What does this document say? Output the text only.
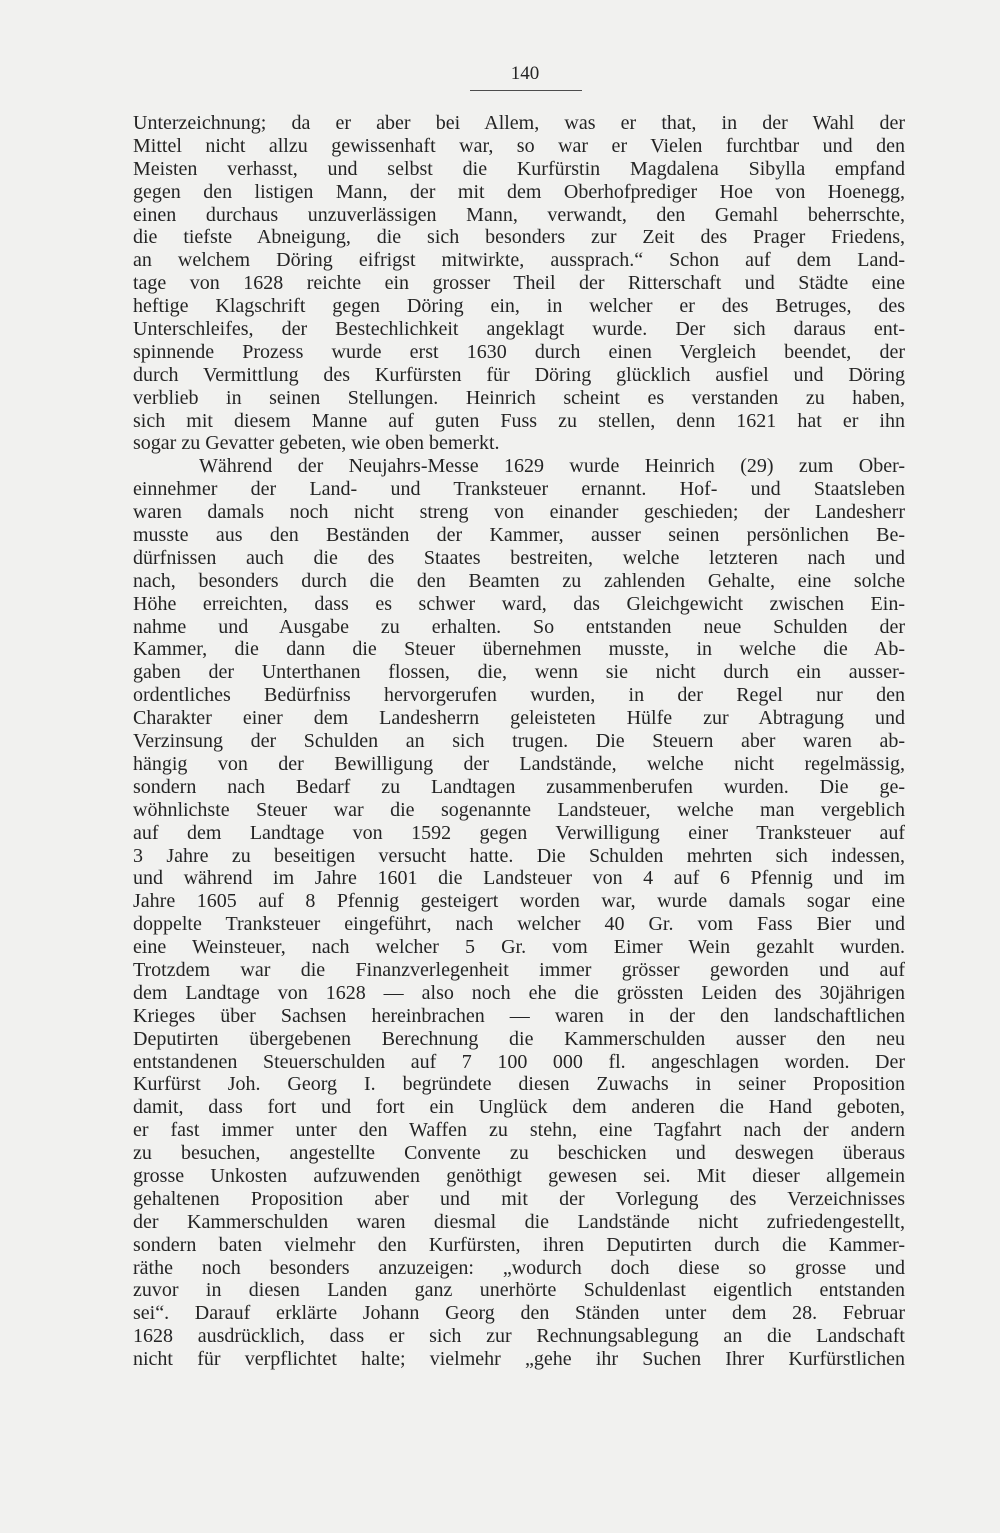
140
Unterzeichnung; da er aber bei Allem, was er that, in der Wahl der
Mittel nicht allzu gewissenhaft war, so war er Vielen furchtbar und den
Meisten verhasst, und selbst die Kurfürstin Magdalena Sibylla empfand
gegen den listigen Mann, der mit dem Oberhofprediger Hoe von Hoenegg,
einen durchaus unzuverlässigen Mann, verwandt, den Gemahl beherrschte,
die tiefste Abneigung, die sich besonders zur Zeit des Prager Friedens,
an welchem Döring eifrigst mitwirkte, aussprach.“ Schon auf dem Land-
tage von 1628 reichte ein grosser Theil der Ritterschaft und Städte eine
heftige Klagschrift gegen Döring ein, in welcher er des Betruges, des
Unterschleifes, der Bestechlichkeit angeklagt wurde. Der sich daraus ent-
spinnende Prozess wurde erst 1630 durch einen Vergleich beendet, der
durch Vermittlung des Kurfürsten für Döring glücklich ausfiel und Döring
verblieb in seinen Stellungen. Heinrich scheint es verstanden zu haben,
sich mit diesem Manne auf guten Fuss zu stellen, denn 1621 hat er ihn
sogar zu Gevatter gebeten, wie oben bemerkt.
Während der Neujahrs-Messe 1629 wurde Heinrich (29) zum Ober-
einnehmer der Land- und Tranksteuer ernannt. Hof- und Staatsleben
waren damals noch nicht streng von einander geschieden; der Landesherr
musste aus den Beständen der Kammer, ausser seinen persönlichen Be-
dürfnissen auch die des Staates bestreiten, welche letzteren nach und
nach, besonders durch die den Beamten zu zahlenden Gehalte, eine solche
Höhe erreichten, dass es schwer ward, das Gleichgewicht zwischen Ein-
nahme und Ausgabe zu erhalten. So entstanden neue Schulden der
Kammer, die dann die Steuer übernehmen musste, in welche die Ab-
gaben der Unterthanen flossen, die, wenn sie nicht durch ein ausser-
ordentliches Bedürfniss hervorgerufen wurden, in der Regel nur den
Charakter einer dem Landesherrn geleisteten Hülfe zur Abtragung und
Verzinsung der Schulden an sich trugen. Die Steuern aber waren ab-
hängig von der Bewilligung der Landstände, welche nicht regelmässig,
sondern nach Bedarf zu Landtagen zusammenberufen wurden. Die ge-
wöhnlichste Steuer war die sogenannte Landsteuer, welche man vergeblich
auf dem Landtage von 1592 gegen Verwilligung einer Tranksteuer auf
3 Jahre zu beseitigen versucht hatte. Die Schulden mehrten sich indessen,
und während im Jahre 1601 die Landsteuer von 4 auf 6 Pfennig und im
Jahre 1605 auf 8 Pfennig gesteigert worden war, wurde damals sogar eine
doppelte Tranksteuer eingeführt, nach welcher 40 Gr. vom Fass Bier und
eine Weinsteuer, nach welcher 5 Gr. vom Eimer Wein gezahlt wurden.
Trotzdem war die Finanzverlegenheit immer grösser geworden und auf
dem Landtage von 1628 — also noch ehe die grössten Leiden des 30jährigen
Krieges über Sachsen hereinbrachen — waren in der den landschaftlichen
Deputirten übergebenen Berechnung die Kammerschulden ausser den neu
entstandenen Steuerschulden auf 7 100 000 fl. angeschlagen worden. Der
Kurfürst Joh. Georg I. begründete diesen Zuwachs in seiner Proposition
damit, dass fort und fort ein Unglück dem anderen die Hand geboten,
er fast immer unter den Waffen zu stehn, eine Tagfahrt nach der andern
zu besuchen, angestellte Convente zu beschicken und deswegen überaus
grosse Unkosten aufzuwenden genöthigt gewesen sei. Mit dieser allgemein
gehaltenen Proposition aber und mit der Vorlegung des Verzeichnisses
der Kammerschulden waren diesmal die Landstände nicht zufriedengestellt,
sondern baten vielmehr den Kurfürsten, ihren Deputirten durch die Kammer-
räthe noch besonders anzuzeigen: „wodurch doch diese so grosse und
zuvor in diesen Landen ganz unerhörte Schuldenlast eigentlich entstanden
sei“. Darauf erklärte Johann Georg den Ständen unter dem 28. Februar
1628 ausdrücklich, dass er sich zur Rechnungsablegung an die Landschaft
nicht für verpflichtet halte; vielmehr „gehe ihr Suchen Ihrer Kurfürstlichen
